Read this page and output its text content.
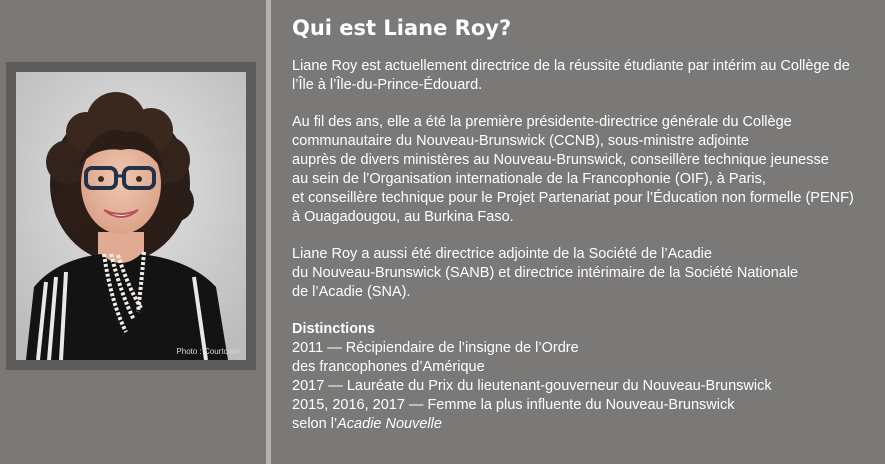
Photo : Courtoisie
Qui est Liane Roy?

Liane Roy est actuellement directrice de la réussite étudiante par intérim au Collège de
l’Île à l’Île-du-Prince-Édouard.

Au fil des ans, elle a été la première présidente-directrice générale du Collège
communautaire du Nouveau-Brunswick (CCNB), sous-ministre adjointe
auprès de divers ministères au Nouveau-Brunswick, conseillère technique jeunesse
au sein de l’Organisation internationale de la Francophonie (OIF), à Paris,
et conseillère technique pour le Projet Partenariat pour l’Éducation non formelle (PENF)
à Ouagadougou, au Burkina Faso.

Liane Roy a aussi été directrice adjointe de la Société de l’Acadie
du Nouveau-Brunswick (SANB) et directrice intérimaire de la Société Nationale
de l’Acadie (SNA).

Distinctions
2011 — Récipiendaire de l’insigne de l’Ordre
des francophones d’Amérique
2017 — Lauréate du Prix du lieutenant-gouverneur du Nouveau-Brunswick
2015, 2016, 2017 — Femme la plus influente du Nouveau-Brunswick
selon l’Acadie Nouvelle
